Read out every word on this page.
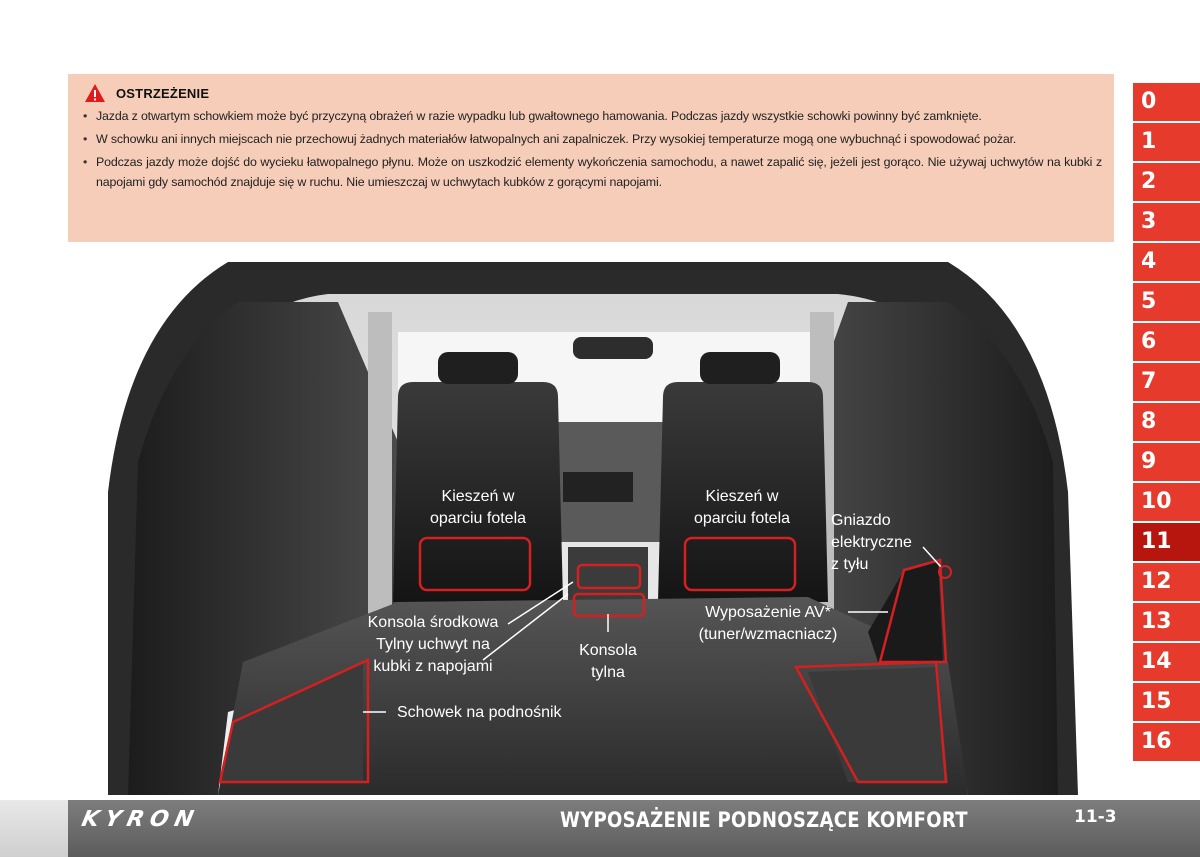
OSTRZEŻENIE
• Jazda z otwartym schowkiem może być przyczyną obrażeń w razie wypadku lub gwałtownego hamowania. Podczas jazdy wszystkie schowki powinny być zamknięte.
• W schowku ani innych miejscach nie przechowuj żadnych materiałów łatwopalnych ani zapalniczek. Przy wysokiej temperaturze mogą one wybuchnąć i spowodować pożar.
• Podczas jazdy może dojść do wycieku łatwopalnego płynu. Może on uszkodzić elementy wykończenia samochodu, a nawet zapalić się, jeżeli jest gorąco. Nie używaj uchwytów na kubki z napojami gdy samochód znajduje się w ruchu. Nie umieszczaj w uchwytach kubków z gorącymi napojami.
Kieszeń w
oparciu fotela
Kieszeń w
oparciu fotela	Gniazdo
elektryczne
z tyłu
Konsola środkowa
Tylny uchwyt na
kubki z napojami
Konsola
tylna
Wyposażenie AV*
(tuner/wzmacniacz)
Schowek na podnośnik
0
1
2
3
4
5
6
7
8
9
10
11
12
13
14
15
16
KYRON	WYPOSAŻENIE PODNOSZĄCE KOMFORT	11-3
